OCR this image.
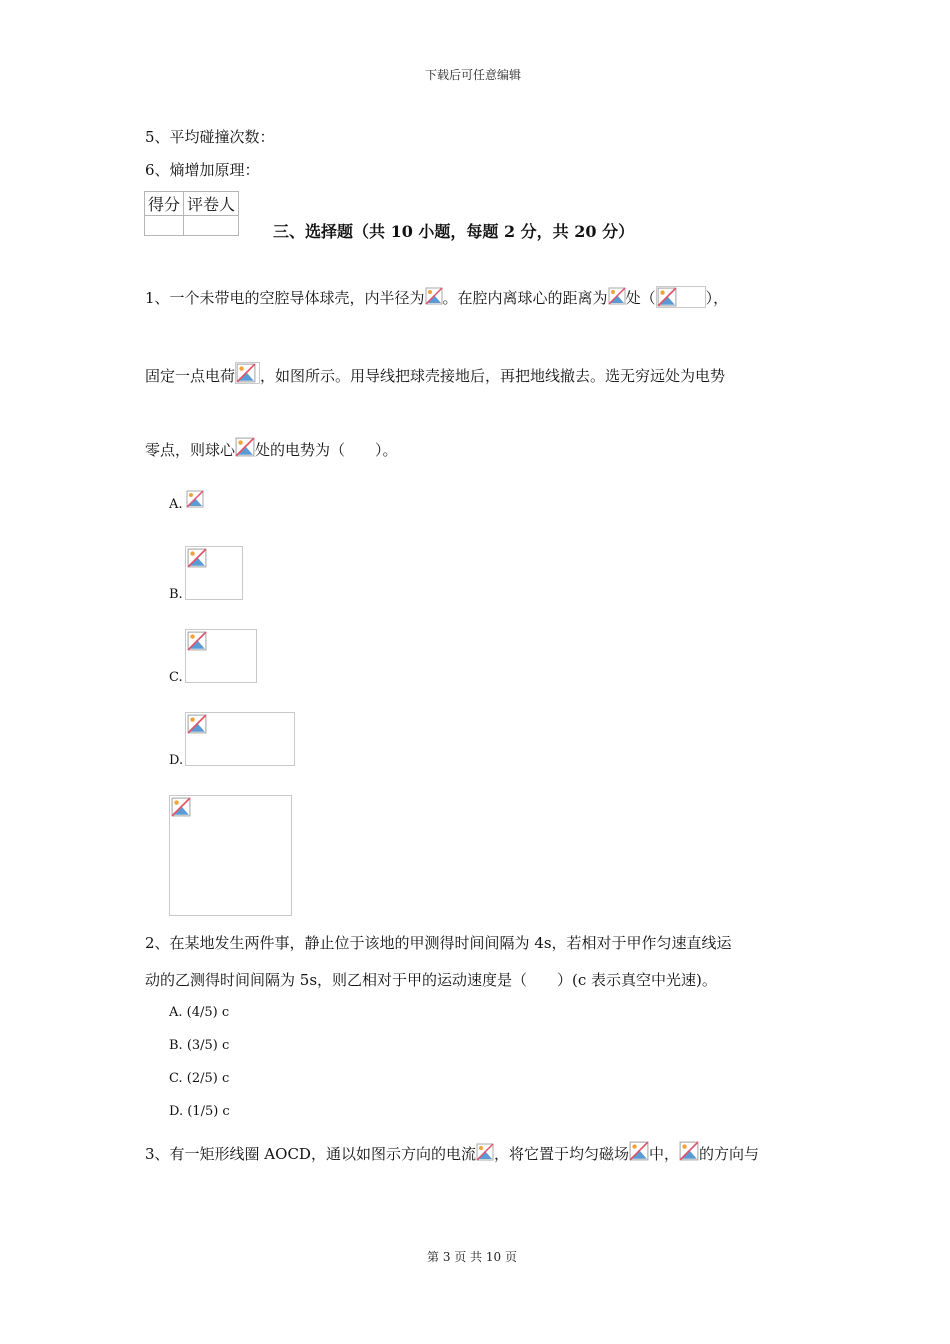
下载后可任意编辑
第 3 页 共 10 页
5、平均碰撞次数：
6、熵增加原理：
得分	评卷人

三、选择题（共 10 小题，每题 2 分，共 20 分）
1、一个未带电的空腔导体球壳，内半径为 。在腔内离球心的距离为 处（	），
固定一点电荷 ，如图所示。用导线把球壳接地后，再把地线撤去。选无穷远处为电势
零点，则球心 处的电势为（　　）。
A.
B.
C.
D.
2、在某地发生两件事，静止位于该地的甲测得时间间隔为 4s，若相对于甲作匀速直线运
动的乙测得时间间隔为 5s，则乙相对于甲的运动速度是（　　）(c 表示真空中光速)。
A. (4/5) c
B. (3/5) c
C. (2/5) c
D. (1/5) c
3、有一矩形线圈 AOCD，通以如图示方向的电流 ，将它置于均匀磁场 中， 的方向与
